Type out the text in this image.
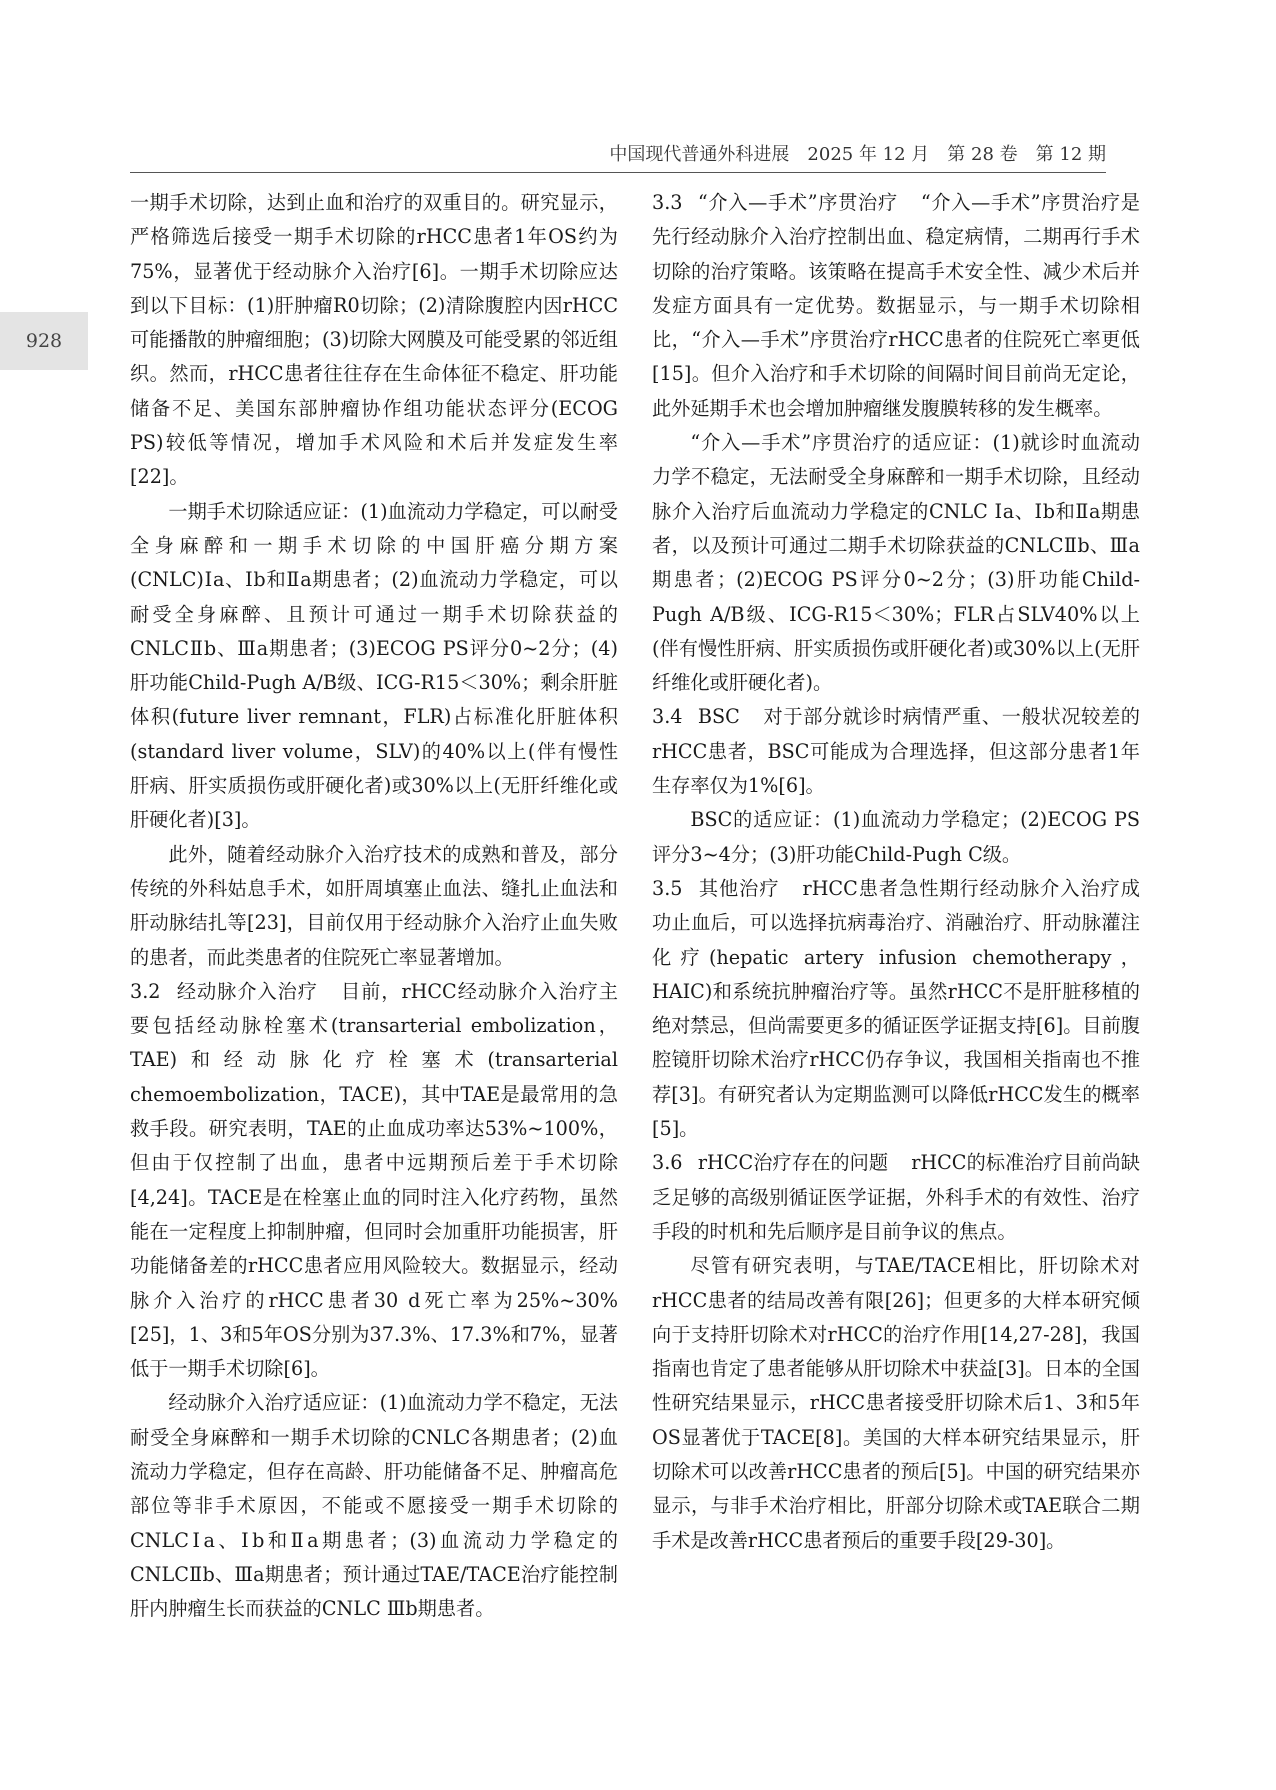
中国现代普通外科进展　2025 年 12 月　第 28 卷　第 12 期
928

一期手术切除，达到止血和治疗的双重目的。研究显示，严格筛选后接受一期手术切除的rHCC患者1年OS约为75%，显著优于经动脉介入治疗[6]。一期手术切除应达到以下目标：(1)肝肿瘤R0切除；(2)清除腹腔内因rHCC可能播散的肿瘤细胞；(3)切除大网膜及可能受累的邻近组织。然而，rHCC患者往往存在生命体征不稳定、肝功能储备不足、美国东部肿瘤协作组功能状态评分(ECOG PS)较低等情况，增加手术风险和术后并发症发生率[22]。

一期手术切除适应证：(1)血流动力学稳定，可以耐受全身麻醉和一期手术切除的中国肝癌分期方案(CNLC)Ⅰa、Ⅰb和Ⅱa期患者；(2)血流动力学稳定，可以耐受全身麻醉、且预计可通过一期手术切除获益的CNLCⅡb、Ⅲa期患者；(3)ECOG PS评分0~2分；(4)肝功能Child-Pugh A/B级、ICG-R15＜30%；剩余肝脏体积(future liver remnant，FLR)占标准化肝脏体积(standard liver volume，SLV)的40%以上(伴有慢性肝病、肝实质损伤或肝硬化者)或30%以上(无肝纤维化或肝硬化者)[3]。

此外，随着经动脉介入治疗技术的成熟和普及，部分传统的外科姑息手术，如肝周填塞止血法、缝扎止血法和肝动脉结扎等[23]，目前仅用于经动脉介入治疗止血失败的患者，而此类患者的住院死亡率显著增加。

3.2 经动脉介入治疗 目前，rHCC经动脉介入治疗主要包括经动脉栓塞术(transarterial embolization，TAE)和经动脉化疗栓塞术(transarterial chemoembolization，TACE)，其中TAE是最常用的急救手段。研究表明，TAE的止血成功率达53%~100%，但由于仅控制了出血，患者中远期预后差于手术切除[4,24]。TACE是在栓塞止血的同时注入化疗药物，虽然能在一定程度上抑制肿瘤，但同时会加重肝功能损害，肝功能储备差的rHCC患者应用风险较大。数据显示，经动脉介入治疗的rHCC患者30 d死亡率为25%~30%[25]，1、3和5年OS分别为37.3%、17.3%和7%，显著低于一期手术切除[6]。

经动脉介入治疗适应证：(1)血流动力学不稳定，无法耐受全身麻醉和一期手术切除的CNLC各期患者；(2)血流动力学稳定，但存在高龄、肝功能储备不足、肿瘤高危部位等非手术原因，不能或不愿接受一期手术切除的CNLCⅠa、Ⅰb和Ⅱa期患者；(3)血流动力学稳定的CNLCⅡb、Ⅲa期患者；预计通过TAE/TACE治疗能控制肝内肿瘤生长而获益的CNLC Ⅲb期患者。

3.3 “介入—手术”序贯治疗 “介入—手术”序贯治疗是先行经动脉介入治疗控制出血、稳定病情，二期再行手术切除的治疗策略。该策略在提高手术安全性、减少术后并发症方面具有一定优势。数据显示，与一期手术切除相比，“介入—手术”序贯治疗rHCC患者的住院死亡率更低[15]。但介入治疗和手术切除的间隔时间目前尚无定论，此外延期手术也会增加肿瘤继发腹膜转移的发生概率。

“介入—手术”序贯治疗的适应证：(1)就诊时血流动力学不稳定，无法耐受全身麻醉和一期手术切除，且经动脉介入治疗后血流动力学稳定的CNLC Ⅰa、Ⅰb和Ⅱa期患者，以及预计可通过二期手术切除获益的CNLCⅡb、Ⅲa期患者；(2)ECOG PS评分0~2分；(3)肝功能Child-Pugh A/B级、ICG-R15＜30%；FLR占SLV40%以上(伴有慢性肝病、肝实质损伤或肝硬化者)或30%以上(无肝纤维化或肝硬化者)。

3.4 BSC 对于部分就诊时病情严重、一般状况较差的rHCC患者，BSC可能成为合理选择，但这部分患者1年生存率仅为1%[6]。

BSC的适应证：(1)血流动力学稳定；(2)ECOG PS评分3~4分；(3)肝功能Child-Pugh C级。

3.5 其他治疗 rHCC患者急性期行经动脉介入治疗成功止血后，可以选择抗病毒治疗、消融治疗、肝动脉灌注化疗(hepatic artery infusion chemotherapy，HAIC)和系统抗肿瘤治疗等。虽然rHCC不是肝脏移植的绝对禁忌，但尚需要更多的循证医学证据支持[6]。目前腹腔镜肝切除术治疗rHCC仍存争议，我国相关指南也不推荐[3]。有研究者认为定期监测可以降低rHCC发生的概率[5]。

3.6 rHCC治疗存在的问题 rHCC的标准治疗目前尚缺乏足够的高级别循证医学证据，外科手术的有效性、治疗手段的时机和先后顺序是目前争议的焦点。

尽管有研究表明，与TAE/TACE相比，肝切除术对rHCC患者的结局改善有限[26]；但更多的大样本研究倾向于支持肝切除术对rHCC的治疗作用[14,27-28]，我国指南也肯定了患者能够从肝切除术中获益[3]。日本的全国性研究结果显示，rHCC患者接受肝切除术后1、3和5年OS显著优于TACE[8]。美国的大样本研究结果显示，肝切除术可以改善rHCC患者的预后[5]。中国的研究结果亦显示，与非手术治疗相比，肝部分切除术或TAE联合二期手术是改善rHCC患者预后的重要手段[29-30]。
